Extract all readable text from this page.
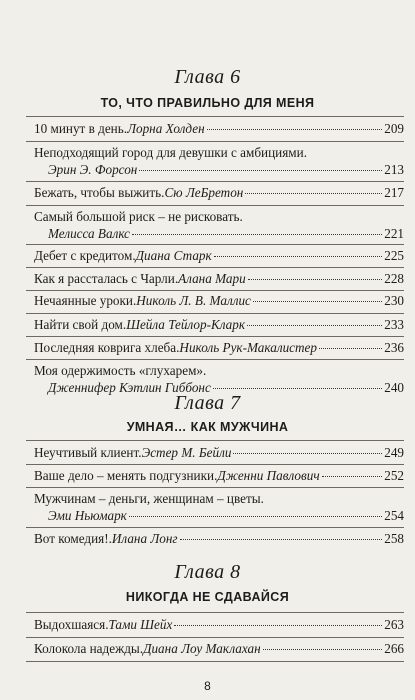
Глава 6
ТО, ЧТО ПРАВИЛЬНО ДЛЯ МЕНЯ
10 минут в день. Лорна Холден	209
Неподходящий город для девушки с амбициями.
Эрин Э. Форсон	213
Бежать, чтобы выжить. Сю ЛеБретон	217
Самый большой риск – не рисковать.
Мелисса Валкс	221
Дебет с кредитом. Диана Старк	225
Как я рассталась с Чарли. Алана Мари	228
Нечаянные уроки. Николь Л. В. Маллис	230
Найти свой дом. Шейла Тейлор-Кларк	233
Последняя коврига хлеба. Николь Рук-Макалистер	236
Моя одержимость «глухарем».
Дженнифер Кэтлин Гиббонс	240
Глава 7
УМНАЯ… КАК МУЖЧИНА
Неучтивый клиент. Эстер М. Бейли	249
Ваше дело – менять подгузники. Дженни Павлович	252
Мужчинам – деньги, женщинам – цветы.
Эми Ньюмарк	254
Вот комедия!. Илана Лонг	258
Глава 8
НИКОГДА НЕ СДАВАЙСЯ
Выдохшаяся. Тами Шейх	263
Колокола надежды. Диана Лоу Маклахан	266
8
